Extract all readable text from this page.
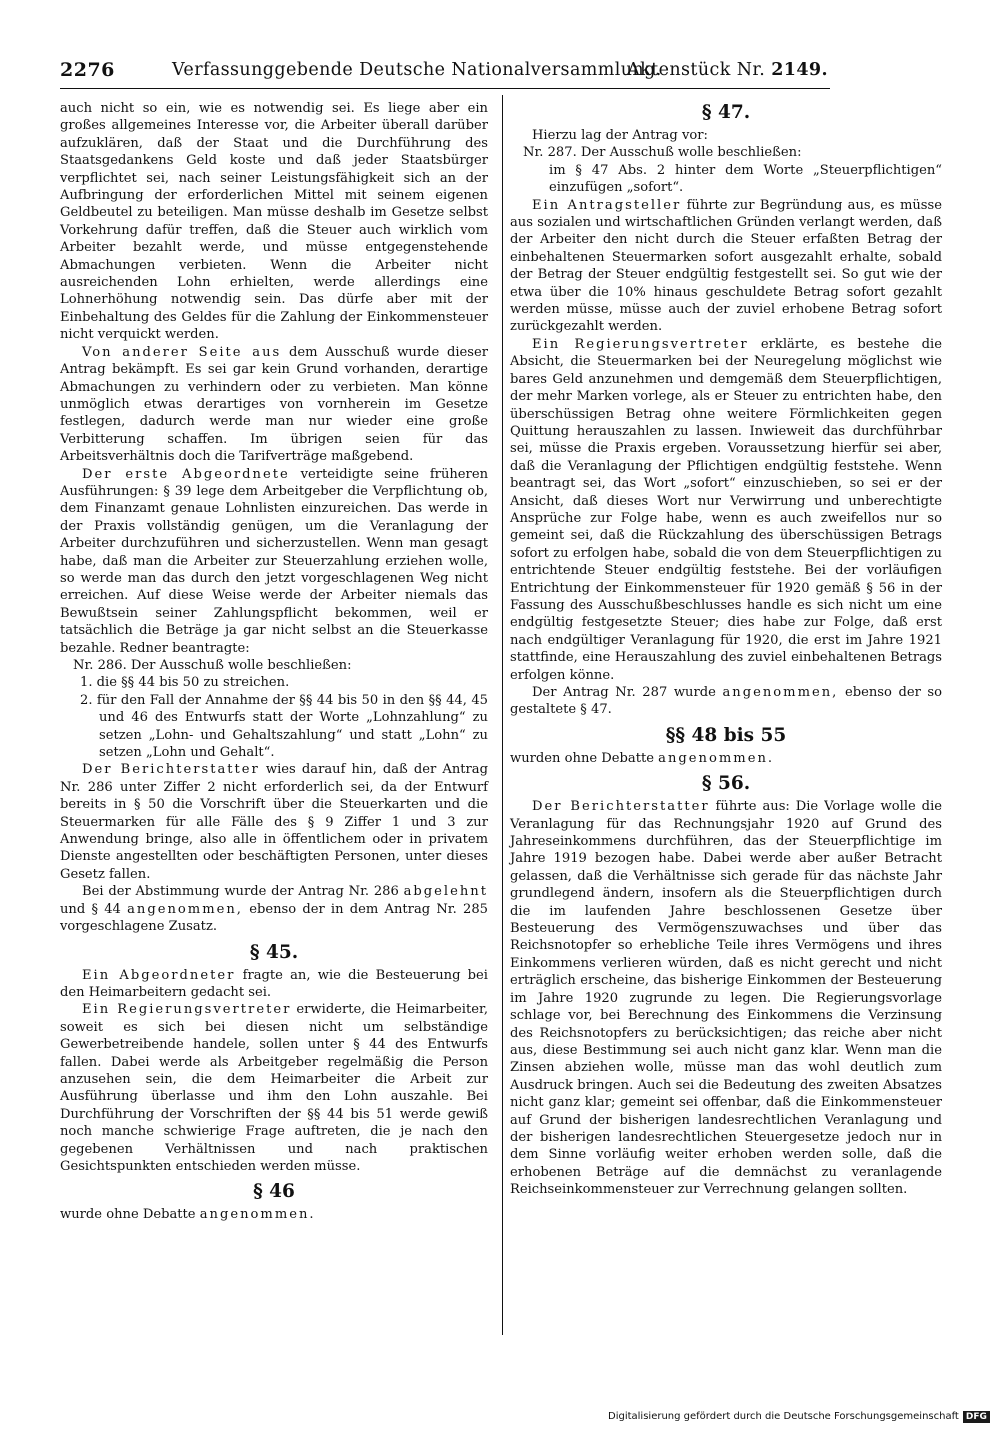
2276	Verfassunggebende Deutsche Nationalversammlung.
Aktenstück Nr. 2149.

auch nicht so ein, wie es notwendig sei. Es liege aber ein großes allgemeines Interesse vor, die Arbeiter überall darüber aufzuklären, daß der Staat und die Durchführung des Staatsgedankens Geld koste und daß jeder Staatsbürger verpflichtet sei, nach seiner Leistungsfähigkeit sich an der Aufbringung der erforderlichen Mittel mit seinem eigenen Geldbeutel zu beteiligen. Man müsse deshalb im Gesetze selbst Vorkehrung dafür treffen, daß die Steuer auch wirklich vom Arbeiter bezahlt werde, und müsse entgegenstehende Abmachungen verbieten. Wenn die Arbeiter nicht ausreichenden Lohn erhielten, werde allerdings eine Lohnerhöhung notwendig sein. Das dürfe aber mit der Einbehaltung des Geldes für die Zahlung der Einkommensteuer nicht verquickt werden.

Von anderer Seite aus dem Ausschuß wurde dieser Antrag bekämpft. Es sei gar kein Grund vorhanden, derartige Abmachungen zu verhindern oder zu verbieten. Man könne unmöglich etwas derartiges von vornherein im Gesetze festlegen, dadurch werde man nur wieder eine große Verbitterung schaffen. Im übrigen seien für das Arbeitsverhältnis doch die Tarifverträge maßgebend.

Der erste Abgeordnete verteidigte seine früheren Ausführungen: § 39 lege dem Arbeitgeber die Verpflichtung ob, dem Finanzamt genaue Lohnlisten einzureichen. Das werde in der Praxis vollständig genügen, um die Veranlagung der Arbeiter durchzuführen und sicherzustellen. Wenn man gesagt habe, daß man die Arbeiter zur Steuerzahlung erziehen wolle, so werde man das durch den jetzt vorgeschlagenen Weg nicht erreichen. Auf diese Weise werde der Arbeiter niemals das Bewußtsein seiner Zahlungspflicht bekommen, weil er tatsächlich die Beträge ja gar nicht selbst an die Steuerkasse bezahle. Redner beantragte:

Nr. 286. Der Ausschuß wolle beschließen:

1. die §§ 44 bis 50 zu streichen.

2. für den Fall der Annahme der §§ 44 bis 50 in den §§ 44, 45 und 46 des Entwurfs statt der Worte „Lohnzahlung“ zu setzen „Lohn- und Gehaltszahlung“ und statt „Lohn“ zu setzen „Lohn und Gehalt“.

Der Berichterstatter wies darauf hin, daß der Antrag Nr. 286 unter Ziffer 2 nicht erforderlich sei, da der Entwurf bereits in § 50 die Vorschrift über die Steuerkarten und die Steuermarken für alle Fälle des § 9 Ziffer 1 und 3 zur Anwendung bringe, also alle in öffentlichem oder in privatem Dienste angestellten oder beschäftigten Personen, unter dieses Gesetz fallen.

Bei der Abstimmung wurde der Antrag Nr. 286 abgelehnt und § 44 angenommen, ebenso der in dem Antrag Nr. 285 vorgeschlagene Zusatz.

§ 45.

Ein Abgeordneter fragte an, wie die Besteuerung bei den Heimarbeitern gedacht sei.

Ein Regierungsvertreter erwiderte, die Heimarbeiter, soweit es sich bei diesen nicht um selbständige Gewerbetreibende handele, sollen unter § 44 des Entwurfs fallen. Dabei werde als Arbeitgeber regelmäßig die Person anzusehen sein, die dem Heimarbeiter die Arbeit zur Ausführung überlasse und ihm den Lohn auszahle. Bei Durchführung der Vorschriften der §§ 44 bis 51 werde gewiß noch manche schwierige Frage auftreten, die je nach den gegebenen Verhältnissen und nach praktischen Gesichtspunkten entschieden werden müsse.

§ 46

wurde ohne Debatte angenommen.

§ 47.

Hierzu lag der Antrag vor:

Nr. 287. Der Ausschuß wolle beschließen:

im § 47 Abs. 2 hinter dem Worte „Steuerpflichtigen“ einzufügen „sofort“.

Ein Antragsteller führte zur Begründung aus, es müsse aus sozialen und wirtschaftlichen Gründen verlangt werden, daß der Arbeiter den nicht durch die Steuer erfaßten Betrag der einbehaltenen Steuermarken sofort ausgezahlt erhalte, sobald der Betrag der Steuer endgültig festgestellt sei. So gut wie der etwa über die 10% hinaus geschuldete Betrag sofort gezahlt werden müsse, müsse auch der zuviel erhobene Betrag sofort zurückgezahlt werden.

Ein Regierungsvertreter erklärte, es bestehe die Absicht, die Steuermarken bei der Neuregelung möglichst wie bares Geld anzunehmen und demgemäß dem Steuerpflichtigen, der mehr Marken vorlege, als er Steuer zu entrichten habe, den überschüssigen Betrag ohne weitere Förmlichkeiten gegen Quittung herauszahlen zu lassen. Inwieweit das durchführbar sei, müsse die Praxis ergeben. Voraussetzung hierfür sei aber, daß die Veranlagung der Pflichtigen endgültig feststehe. Wenn beantragt sei, das Wort „sofort“ einzuschieben, so sei er der Ansicht, daß dieses Wort nur Verwirrung und unberechtigte Ansprüche zur Folge habe, wenn es auch zweifellos nur so gemeint sei, daß die Rückzahlung des überschüssigen Betrags sofort zu erfolgen habe, sobald die von dem Steuerpflichtigen zu entrichtende Steuer endgültig feststehe. Bei der vorläufigen Entrichtung der Einkommensteuer für 1920 gemäß § 56 in der Fassung des Ausschußbeschlusses handle es sich nicht um eine endgültig festgesetzte Steuer; dies habe zur Folge, daß erst nach endgültiger Veranlagung für 1920, die erst im Jahre 1921 stattfinde, eine Herauszahlung des zuviel einbehaltenen Betrags erfolgen könne.

Der Antrag Nr. 287 wurde angenommen, ebenso der so gestaltete § 47.

§§ 48 bis 55

wurden ohne Debatte angenommen.

§ 56.

Der Berichterstatter führte aus: Die Vorlage wolle die Veranlagung für das Rechnungsjahr 1920 auf Grund des Jahreseinkommens durchführen, das der Steuerpflichtige im Jahre 1919 bezogen habe. Dabei werde aber außer Betracht gelassen, daß die Verhältnisse sich gerade für das nächste Jahr grundlegend ändern, insofern als die Steuerpflichtigen durch die im laufenden Jahre beschlossenen Gesetze über Besteuerung des Vermögenszuwachses und über das Reichsnotopfer so erhebliche Teile ihres Vermögens und ihres Einkommens verlieren würden, daß es nicht gerecht und nicht erträglich erscheine, das bisherige Einkommen der Besteuerung im Jahre 1920 zugrunde zu legen. Die Regierungsvorlage schlage vor, bei Berechnung des Einkommens die Verzinsung des Reichsnotopfers zu berücksichtigen; das reiche aber nicht aus, diese Bestimmung sei auch nicht ganz klar. Wenn man die Zinsen abziehen wolle, müsse man das wohl deutlich zum Ausdruck bringen. Auch sei die Bedeutung des zweiten Absatzes nicht ganz klar; gemeint sei offenbar, daß die Einkommensteuer auf Grund der bisherigen landesrechtlichen Veranlagung und der bisherigen landesrechtlichen Steuergesetze jedoch nur in dem Sinne vorläufig weiter erhoben werden solle, daß die erhobenen Beträge auf die demnächst zu veranlagende Reichseinkommensteuer zur Verrechnung gelangen sollten.

Digitalisierung gefördert durch die Deutsche Forschungsgemeinschaft DFG
